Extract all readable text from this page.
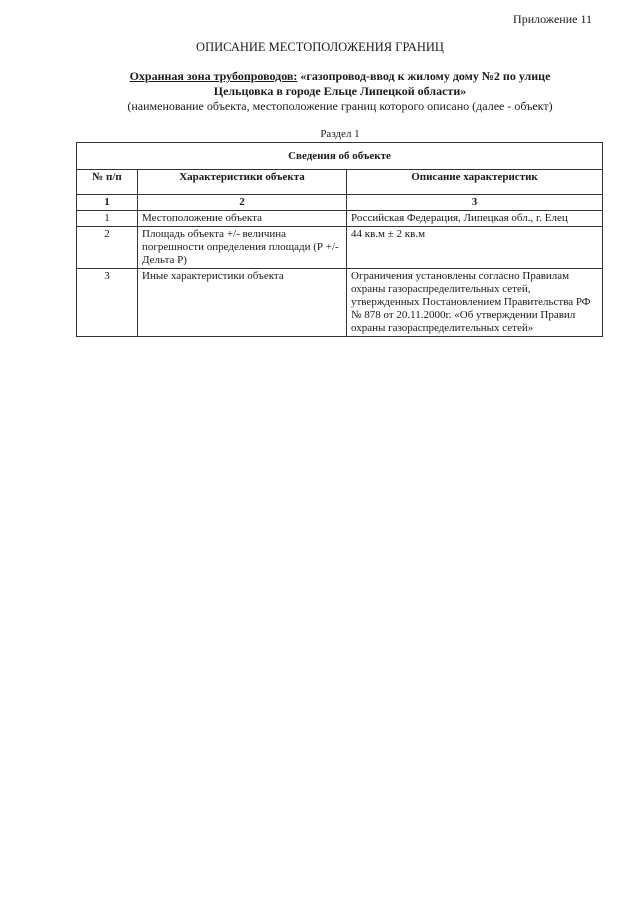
Приложение 11
ОПИСАНИЕ МЕСТОПОЛОЖЕНИЯ ГРАНИЦ
Охранная зона трубопроводов: «газопровод-ввод к жилому дому №2 по улице
Цельцовка в городе Ельце Липецкой области»
(наименование объекта, местоположение границ которого описано (далее - объект)
Раздел 1
Сведения об объекте		
№ п/п	Характеристики объекта	Описание характеристик
1	2	3
1	Местоположение объекта	Российская Федерация, Липецкая обл., г. Елец
2	Площадь объекта +/- величина погрешности определения площади (Р +/- Дельта Р)	44 кв.м ± 2 кв.м
3	Иные характеристики объекта	Ограничения установлены согласно Правилам охраны газораспределительных сетей, утвержденных Постановлением Правительства РФ № 878 от 20.11.2000г. «Об утверждении Правил охраны газораспределительных сетей»
